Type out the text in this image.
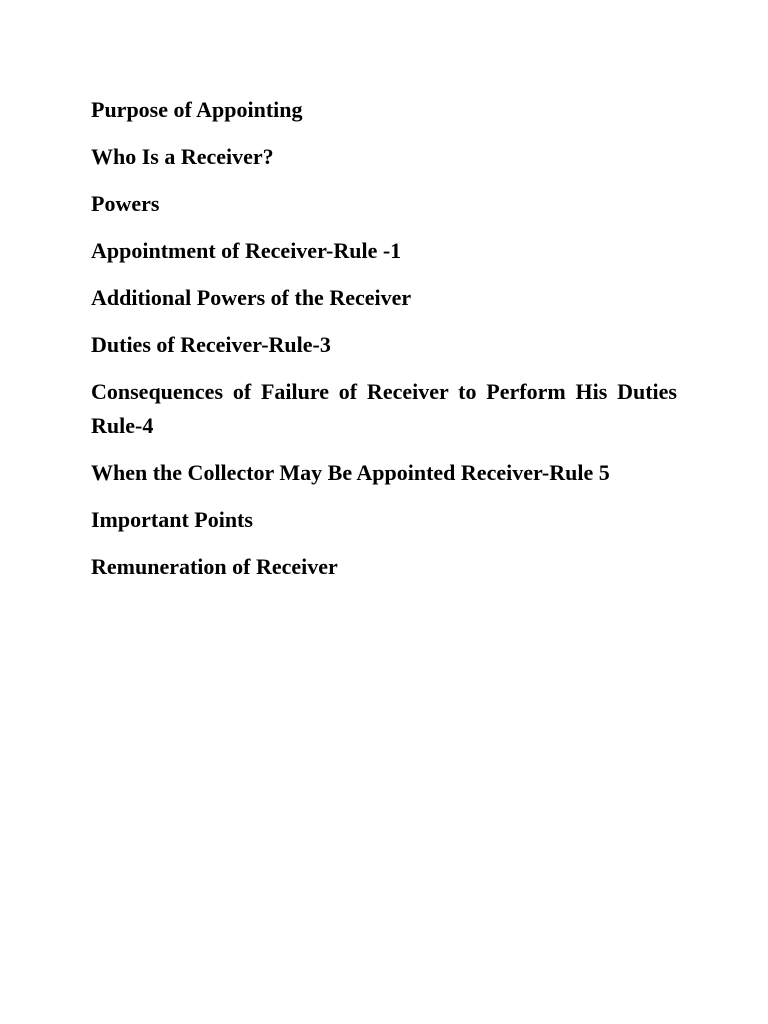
Purpose of Appointing

Who Is a Receiver?

Powers

Appointment of Receiver-Rule -1

Additional Powers of the Receiver

Duties of Receiver-Rule-3

Consequences of Failure of Receiver to Perform His Duties Rule-4

When the Collector May Be Appointed Receiver-Rule 5

Important Points

Remuneration of Receiver
